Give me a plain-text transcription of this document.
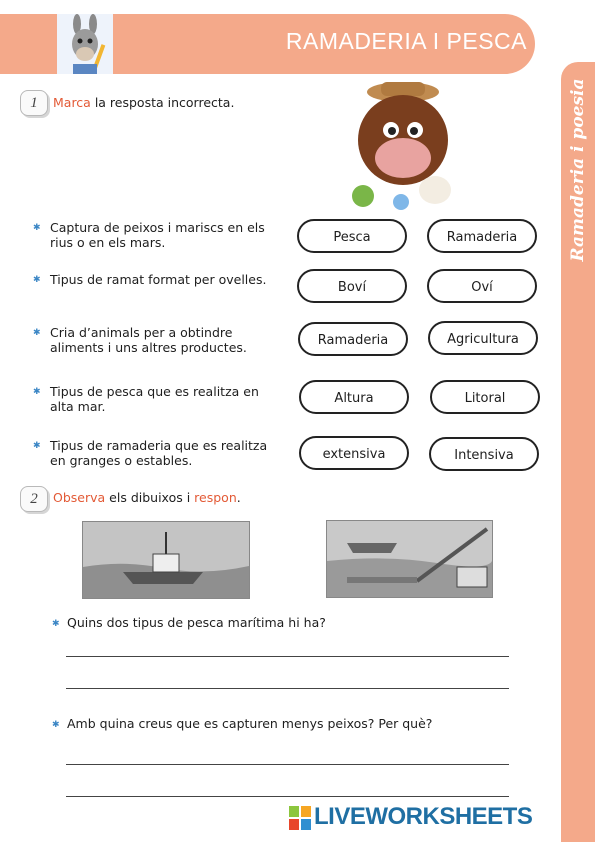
RAMADERIA I PESCA
Ramaderia i poesia
1	Marca la resposta incorrecta.
✱ Captura de peixos i mariscs en els rius o en els mars.	Pesca	Ramaderia
✱ Tipus de ramat format per ovelles.
Boví	Oví
✱ Cria d’animals per a obtindre aliments i uns altres productes.	Ramaderia	Agricultura
✱ Tipus de pesca que es realitza en alta mar.
Altura	Litoral
✱ Tipus de ramaderia que es realitza en granges o estables.	extensiva	Intensiva
2	Observa els dibuixos i respon.
✱ Quins dos tipus de pesca marítima hi ha?
✱ Amb quina creus que es capturen menys peixos? Per què?
LIVEWORKSHEETS
